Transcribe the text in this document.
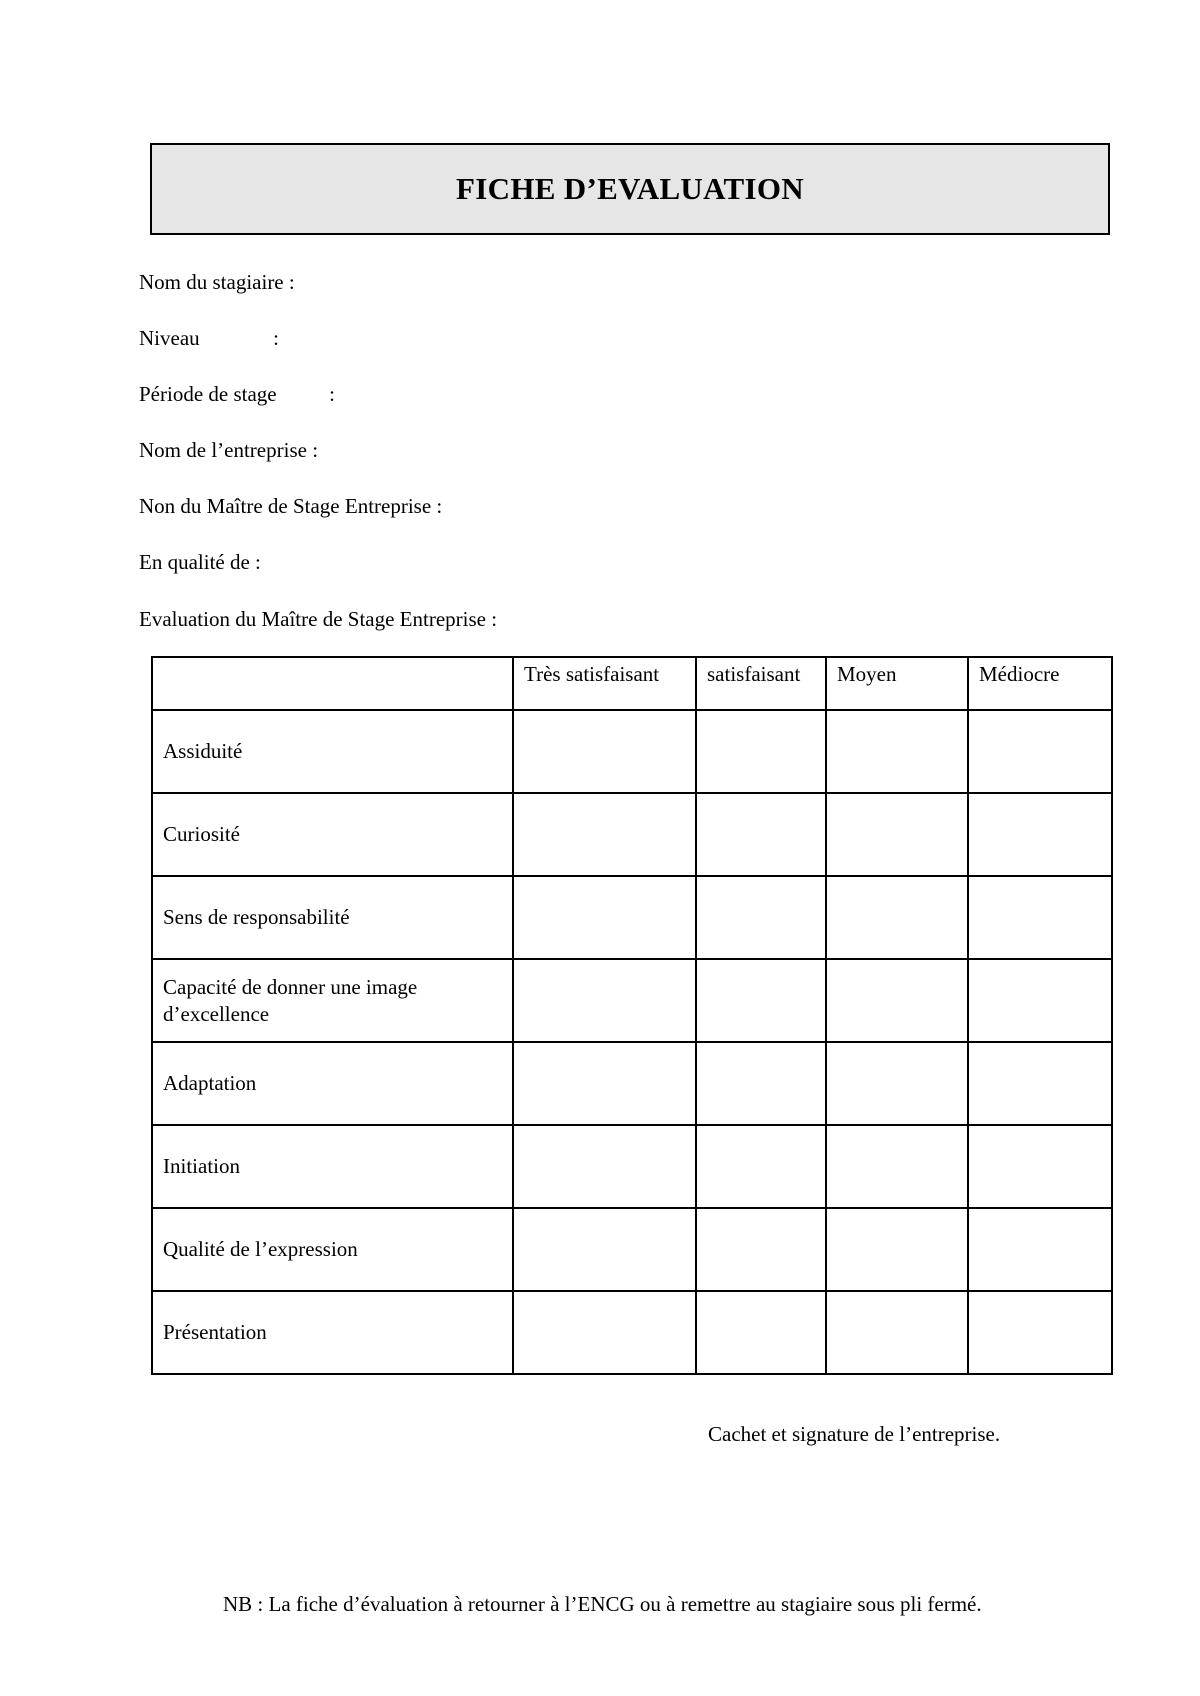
FICHE D’EVALUATION
Nom du stagiaire :
Niveau              :
Période de stage          :
Nom de l’entreprise :
Non du Maître de Stage Entreprise :
En qualité de :
Evaluation du Maître de Stage Entreprise :
	Très satisfaisant	satisfaisant	Moyen	Médiocre

Assiduité				

Curiosité				

Sens de responsabilité				

Capacité de donner une image d’excellence				

Adaptation				

Initiation				

Qualité de l’expression				

Présentation				

Cachet et signature de l’entreprise.
NB : La fiche d’évaluation à retourner à l’ENCG ou à remettre au stagiaire sous pli fermé.
